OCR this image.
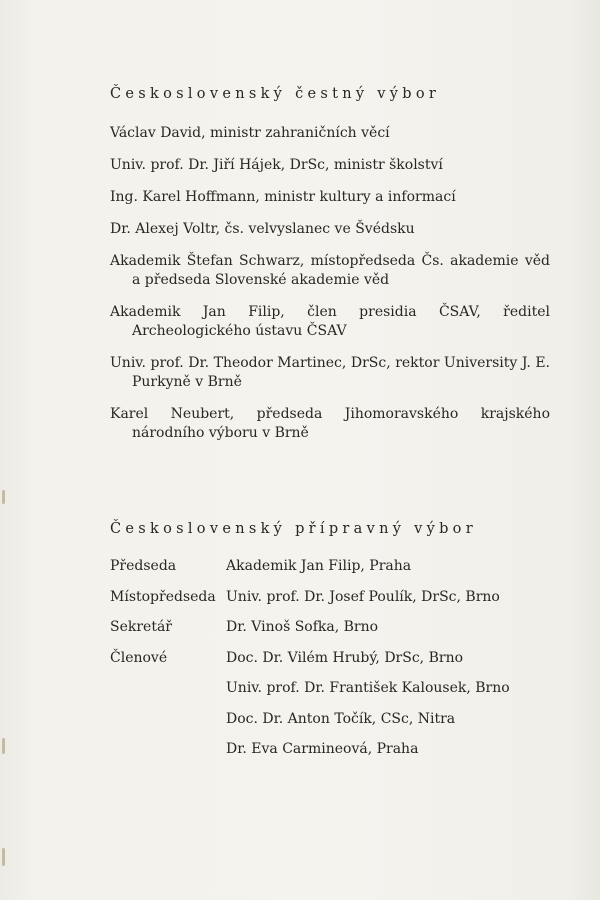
Československý čestný výbor
Václav David, ministr zahraničních věcí
Univ. prof. Dr. Jiří Hájek, DrSc, ministr školství
Ing. Karel Hoffmann, ministr kultury a informací
Dr. Alexej Voltr, čs. velvyslanec ve Švédsku
Akademik Štefan Schwarz, místopředseda Čs. akademie věd a předseda Slovenské akademie věd
Akademik Jan Filip, člen presidia ČSAV, ředitel Archeologického ústavu ČSAV
Univ. prof. Dr. Theodor Martinec, DrSc, rektor University J. E. Purkyně v Brně
Karel Neubert, předseda Jihomoravského krajského národního výboru v Brně
Československý přípravný výbor
Předseda	Akademik Jan Filip, Praha
Místopředseda Univ. prof. Dr. Josef Poulík, DrSc, Brno
Sekretář	Dr. Vinoš Sofka, Brno
Členové	Doc. Dr. Vilém Hrubý, DrSc, Brno
Univ. prof. Dr. František Kalousek, Brno
Doc. Dr. Anton Točík, CSc, Nitra
Dr. Eva Carmineová, Praha
